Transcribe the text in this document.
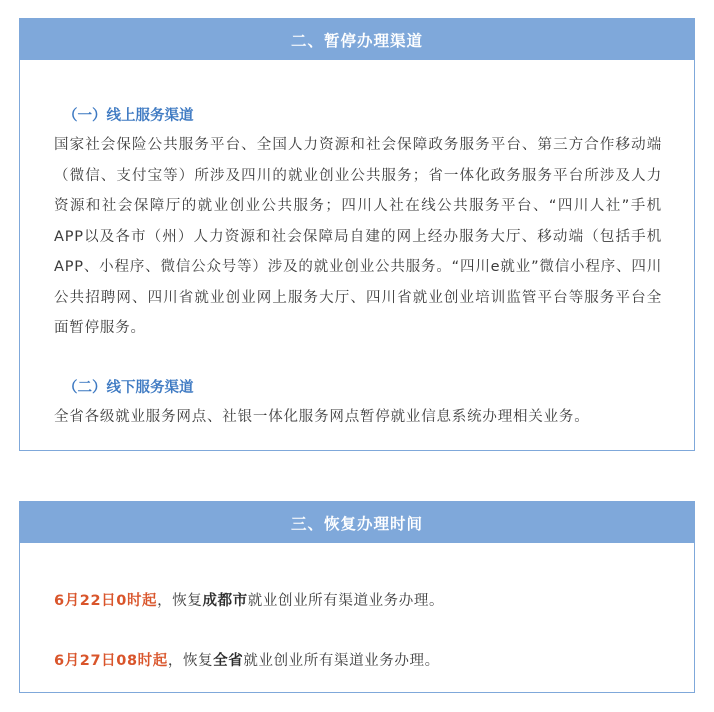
二、暂停办理渠道

（一）线上服务渠道

国家社会保险公共服务平台、全国人力资源和社会保障政务服务平台、第三方合作移动端（微信、支付宝等）所涉及四川的就业创业公共服务；省一体化政务服务平台所涉及人力资源和社会保障厅的就业创业公共服务；四川人社在线公共服务平台、“四川人社”手机APP以及各市（州）人力资源和社会保障局自建的网上经办服务大厅、移动端（包括手机APP、小程序、微信公众号等）涉及的就业创业公共服务。“四川e就业”微信小程序、四川公共招聘网、四川省就业创业网上服务大厅、四川省就业创业培训监管平台等服务平台全面暂停服务。

（二）线下服务渠道

全省各级就业服务网点、社银一体化服务网点暂停就业信息系统办理相关业务。

三、恢复办理时间

6月22日0时起，恢复成都市就业创业所有渠道业务办理。

6月27日08时起，恢复全省就业创业所有渠道业务办理。
